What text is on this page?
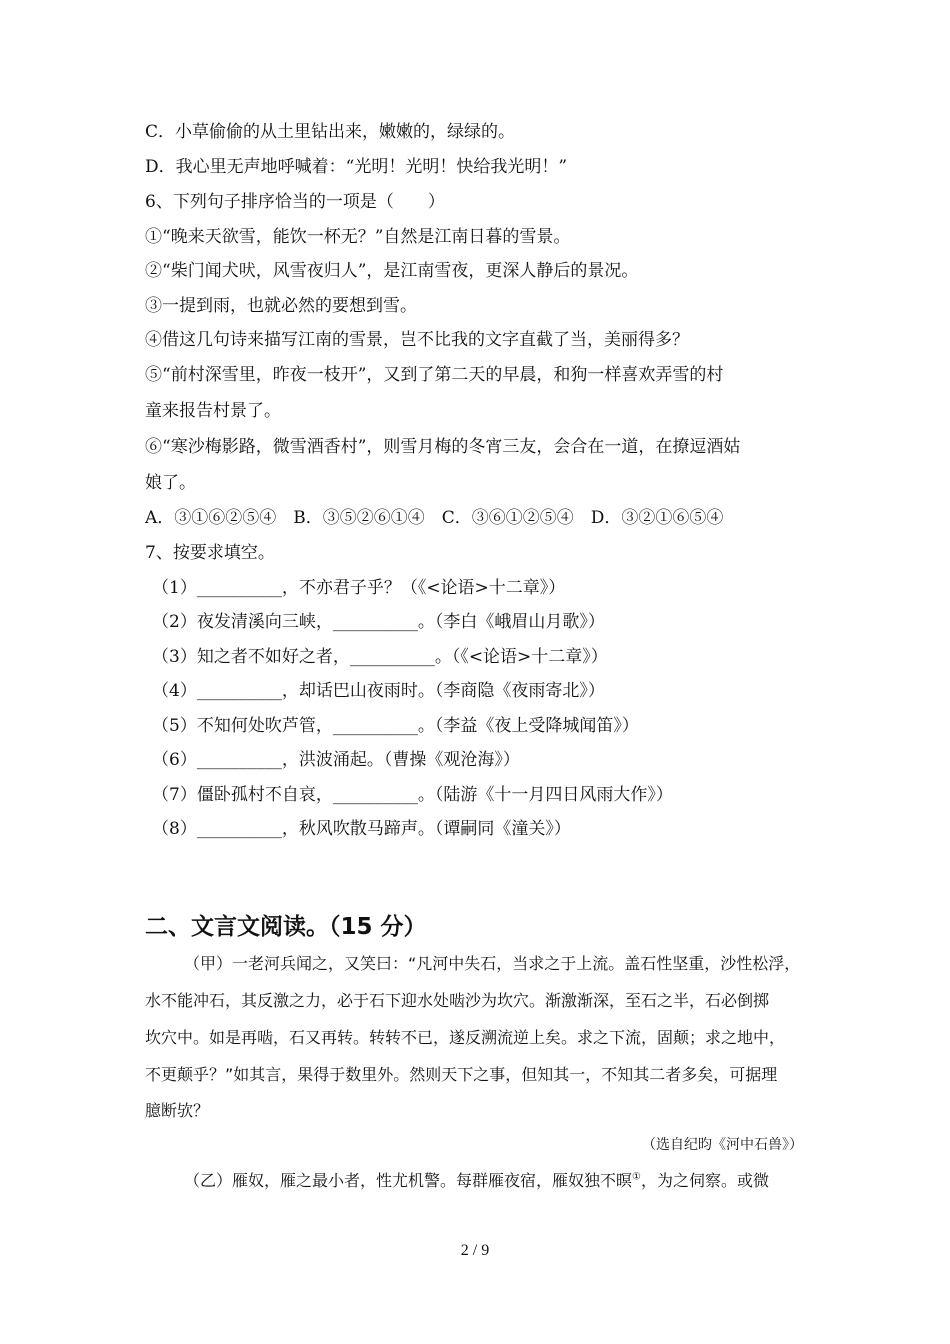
C．小草偷偷的从土里钻出来，嫩嫩的，绿绿的。
D．我心里无声地呼喊着：“光明！光明！快给我光明！”
6、下列句子排序恰当的一项是（　　）
①“晚来天欲雪，能饮一杯无？”自然是江南日暮的雪景。
②“柴门闻犬吠，风雪夜归人”，是江南雪夜，更深人静后的景况。
③一提到雨，也就必然的要想到雪。
④借这几句诗来描写江南的雪景，岂不比我的文字直截了当，美丽得多？
⑤“前村深雪里，昨夜一枝开”，又到了第二天的早晨，和狗一样喜欢弄雪的村
童来报告村景了。
⑥“寒沙梅影路，微雪酒香村”，则雪月梅的冬宵三友，会合在一道，在撩逗酒姑
娘了。
A．③①⑥②⑤④　B．③⑤②⑥①④　C．③⑥①②⑤④　D．③②①⑥⑤④
7、按要求填空。
（1）__________，不亦君子乎？（《<论语>十二章》）
（2）夜发清溪向三峡，__________。（李白《峨眉山月歌》）
（3）知之者不如好之者，__________。（《<论语>十二章》）
（4）__________，却话巴山夜雨时。（李商隐《夜雨寄北》）
（5）不知何处吹芦管，__________。（李益《夜上受降城闻笛》）
（6）__________，洪波涌起。（曹操《观沧海》）
（7）僵卧孤村不自哀，__________。（陆游《十一月四日风雨大作》）
（8）__________，秋风吹散马蹄声。（谭嗣同《潼关》）
二、文言文阅读。（15 分）
（甲）一老河兵闻之，又笑曰：“凡河中失石，当求之于上流。盖石性坚重，沙性松浮，
水不能冲石，其反激之力，必于石下迎水处啮沙为坎穴。渐激渐深，至石之半，石必倒掷
坎穴中。如是再啮，石又再转。转转不已，遂反溯流逆上矣。求之下流，固颠；求之地中，
不更颠乎？”如其言，果得于数里外。然则天下之事，但知其一，不知其二者多矣，可据理
臆断欤？
（选自纪昀《河中石兽》）
（乙）雁奴，雁之最小者，性尤机警。每群雁夜宿，雁奴独不暝①，为之伺察。或微
2 / 9
